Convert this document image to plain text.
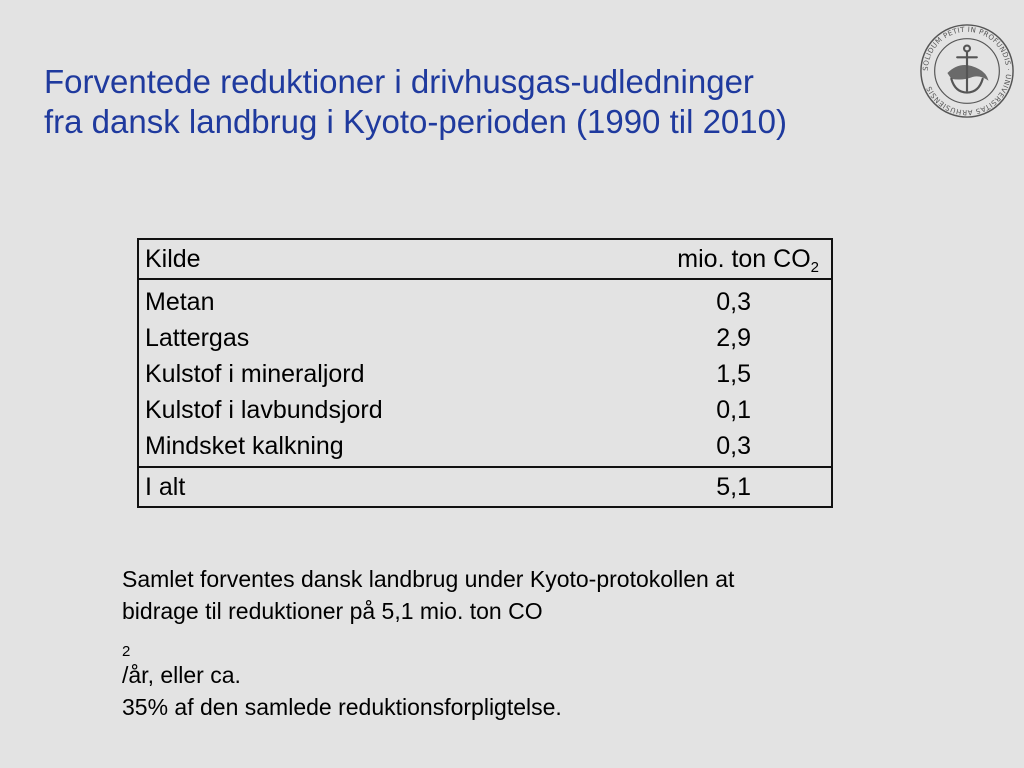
Forventede reduktioner i drivhusgas-udledninger
fra dansk landbrug i Kyoto-perioden (1990 til 2010)
SOLIDUM PETIT IN PROFUNDIS · UNIVERSITAS ARHUSIENSIS
Kilde	mio. ton $CO_2$
Metan	0,3
Lattergas	2,9
Kulstof i mineraljord	1,5
Kulstof i lavbundsjord	0,1
Mindsket kalkning	0,3
I alt	5,1

Samlet forventes dansk landbrug under Kyoto-protokollen at
bidrage til reduktioner på 5,1 mio. ton CO
$_2$
/år, eller ca.
35% af den samlede reduktionsforpligtelse.
